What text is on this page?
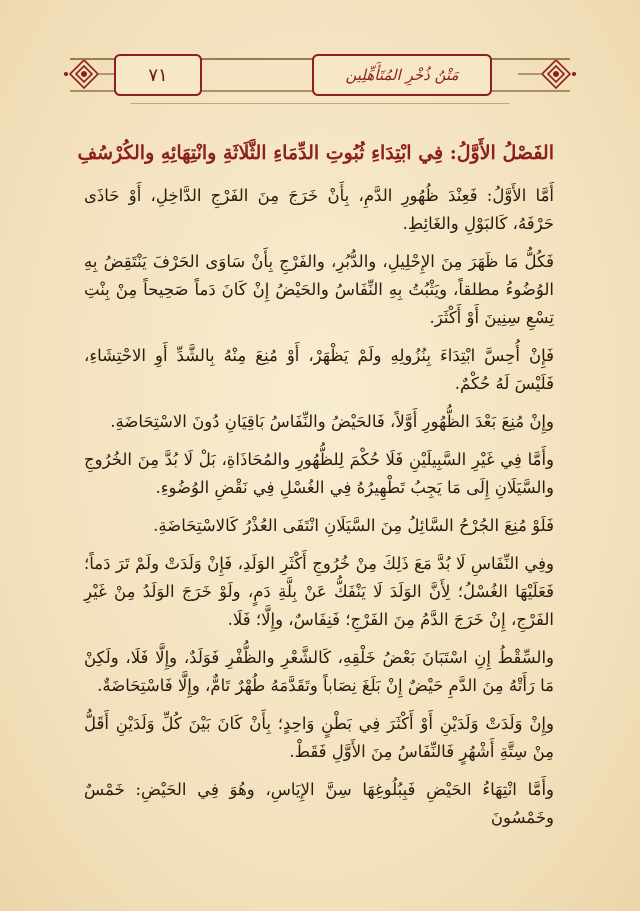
٧١	مَتْنُ ذُخْرِ المُتَأَهِّلِين
الفَصْلُ الأَوَّلُ: فِي ابْتِدَاءِ ثُبُوتِ الدِّمَاءِ الثَّلَاثَةِ وانْتِهَائِهِ والكُرْسُفِ

أَمَّا الأَوَّلُ: فَعِنْدَ ظُهُورِ الدَّمِ، بِأَنْ خَرَجَ مِنَ الفَرْجِ الدَّاخِلِ، أَوْ حَاذَى حَرْفَهُ، كَالبَوْلِ والغَائِطِ.

فَكُلُّ مَا ظَهَرَ مِنَ الإِحْلِيلِ، والدُّبُرِ، والفَرْجِ بِأَنْ سَاوَى الحَرْفَ يَنْتَقِضُ بِهِ الوُضُوءُ مطلقاً، ويَثْبُتُ بِهِ النِّفَاسُ والحَيْضُ إِنْ كَانَ دَماً صَحِيحاً مِنْ بِنْتِ تِسْعِ سِنِينَ أَوْ أَكْثَرَ.

فَإِنْ أُحِسَّ ابْتِدَاءَ بِنُزُولِهِ ولَمْ يَظْهَرْ، أَوْ مُنِعَ مِنْهُ بِالشَّدِّ أَوِ الاحْتِشَاءِ، فَلَيْسَ لَهُ حُكْمٌ.

وإِنْ مُنِعَ بَعْدَ الظُّهُورِ أَوَّلاً، فَالحَيْضُ والنِّفَاسُ بَاقِيَانِ دُونَ الاسْتِحَاضَةِ.

وأَمَّا فِي غَيْرِ السَّبِيلَيْنِ فَلَا حُكْمَ لِلظُّهُورِ والمُحَاذَاةِ، بَلْ لَا بُدَّ مِنَ الخُرُوجِ والسَّيَلَانِ إِلَى مَا يَجِبُ تَطْهِيرُهُ فِي الغُسْلِ فِي نَقْضِ الوُضُوءِ.

فَلَوْ مُنِعَ الجُرْحُ السَّائِلُ مِنَ السَّيَلَانِ انْتَفَى العُذْرُ كَالاسْتِحَاضَةِ.

وفِي النِّفَاسِ لَا بُدَّ مَعَ ذَلِكَ مِنْ خُرُوجِ أَكْثَرِ الوَلَدِ، فَإِنْ وَلَدَتْ ولَمْ تَرَ دَماً؛ فَعَلَيْهَا الغُسْلُ؛ لِأَنَّ الوَلَدَ لَا يَنْفَكُّ عَنْ بِلَّةِ دَمٍ، ولَوْ خَرَجَ الوَلَدُ مِنْ غَيْرِ الفَرْجِ، إِنْ خَرَجَ الدَّمُ مِنَ الفَرْجِ؛ فَنِفَاسٌ، وإِلَّا؛ فَلَا.

والسِّقْطُ إِنِ اسْتَبَانَ بَعْضُ خَلْقِهِ، كَالشَّعْرِ والظُّفْرِ فَوَلَدٌ، وإِلَّا فَلَا، ولَكِنْ مَا رَأَتْهُ مِنَ الدَّمِ حَيْضٌ إِنْ بَلَغَ نِصَاباً وتَقَدَّمَهُ طُهْرٌ تَامٌّ، وإِلَّا فَاسْتِحَاضَةٌ.

وإِنْ وَلَدَتْ وَلَدَيْنِ أَوْ أَكْثَرَ فِي بَطْنٍ وَاحِدٍ؛ بِأَنْ كَانَ بَيْنَ كُلِّ وَلَدَيْنِ أَقَلُّ مِنْ سِتَّةِ أَشْهُرٍ فَالنِّفَاسُ مِنَ الأَوَّلِ فَقَطْ.

وأَمَّا انْتِهَاءُ الحَيْضِ فَبِبُلُوغِهَا سِنَّ الإِيَاسِ، وهُوَ فِي الحَيْضِ: خَمْسٌ وخَمْسُونَ
